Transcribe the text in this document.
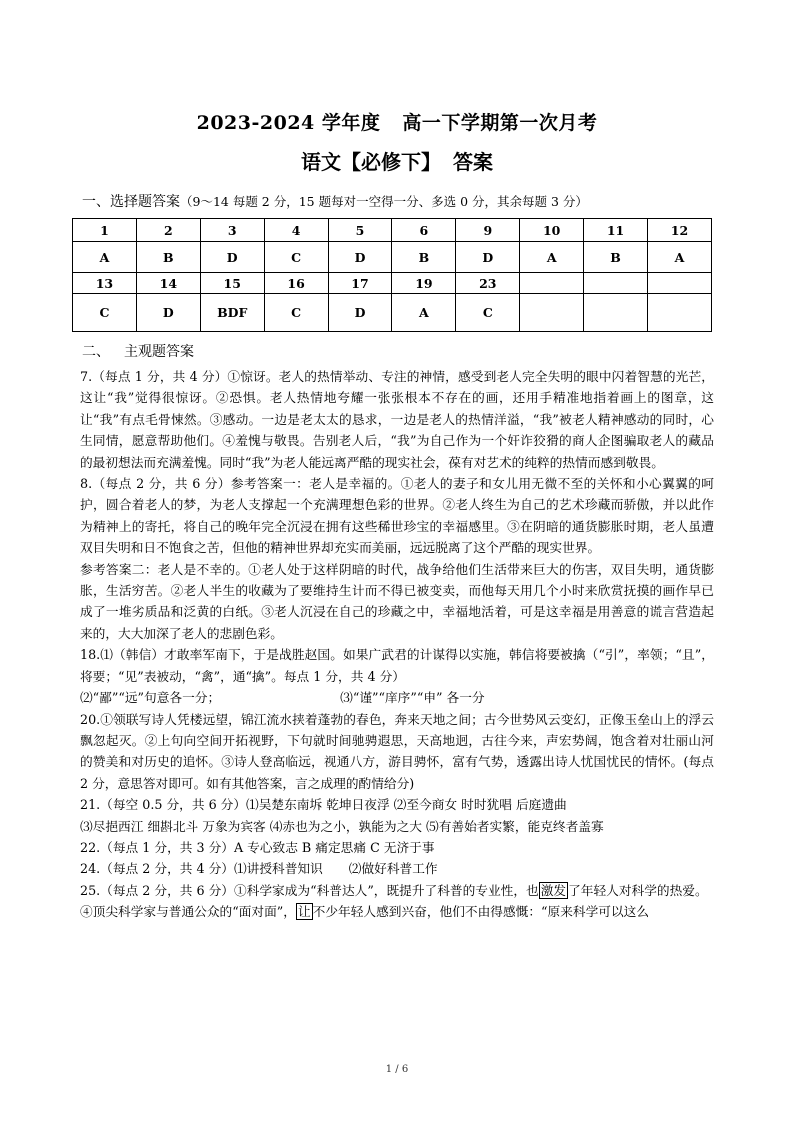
2023-2024 学年度 高一下学期第一次月考
语文【必修下】 答案
一、选择题答案（9～14 每题 2 分，15 题每对一空得一分、多选 0 分，其余每题 3 分）
1	2	3	4	5	6	9	10	11	12
A	B	D	C	D	B	D	A	B	A
13	14	15	16	17	19	23			
C	D	BDF	C	D	A	C			
二、 主观题答案

7.（每点 1 分，共 4 分）①惊讶。老人的热情举动、专注的神情，感受到老人完全失明的眼中闪着智慧的光芒，这让“我”觉得很惊讶。②恐惧。老人热情地夸耀一张张根本不存在的画，还用手精准地指着画上的图章，这让“我”有点毛骨悚然。③感动。一边是老太太的恳求，一边是老人的热情洋溢，“我”被老人精神感动的同时，心生同情，愿意帮助他们。④羞愧与敬畏。告别老人后，“我”为自己作为一个奸诈狡猾的商人企图骗取老人的藏品的最初想法而充满羞愧。同时“我”为老人能远离严酷的现实社会，葆有对艺术的纯粹的热情而感到敬畏。

8.（每点 2 分，共 6 分）参考答案一：老人是幸福的。①老人的妻子和女儿用无微不至的关怀和小心翼翼的呵护，圆合着老人的梦，为老人支撑起一个充满理想色彩的世界。②老人终生为自己的艺术珍藏而骄傲，并以此作为精神上的寄托，将自己的晚年完全沉浸在拥有这些稀世珍宝的幸福感里。③在阴暗的通货膨胀时期，老人虽遭双目失明和日不饱食之苦，但他的精神世界却充实而美丽，远远脱离了这个严酷的现实世界。

参考答案二：老人是不幸的。①老人处于这样阴暗的时代，战争给他们生活带来巨大的伤害，双目失明，通货膨胀，生活穷苦。②老人半生的收藏为了要维持生计而不得已被变卖，而他每天用几个小时来欣赏抚摸的画作早已成了一堆劣质品和泛黄的白纸。③老人沉浸在自己的珍藏之中，幸福地活着，可是这幸福是用善意的谎言营造起来的，大大加深了老人的悲剧色彩。

18.⑴（韩信）才敢率军南下，于是战胜赵国。如果广武君的计谋得以实施，韩信将要被擒（“引”，率领；“且”，将要；“见”表被动，“禽”，通“擒”。每点 1 分，共 4 分）

⑵“鄙”“远”句意各一分；	⑶“谨”“庠序”“申” 各一分

20.①领联写诗人凭楼远望，锦江流水挟着蓬勃的春色，奔来天地之间；古今世势风云变幻，正像玉垒山上的浮云飘忽起灭。②上句向空间开拓视野，下句就时间驰骋遐思，天高地迥，古往今来，声宏势阔，饱含着对壮丽山河的赞美和对历史的追怀。③诗人登高临远，视通八方，游目骋怀，富有气势，透露出诗人忧国忧民的情怀。(每点 2 分，意思答对即可。如有其他答案，言之成理的酌情给分)

21.（每空 0.5 分，共 6 分）⑴吴楚东南坼 乾坤日夜浮 ⑵至今商女 时时犹唱 后庭遗曲

⑶尽挹西江 细斟北斗 万象为宾客 ⑷赤也为之小，孰能为之大 ⑸有善始者实繁，能克终者盖寡

22.（每点 1 分，共 3 分）A 专心致志 B 痛定思痛 C 无济于事

24.（每点 2 分，共 4 分）⑴讲授科普知识 ⑵做好科普工作

25.（每点 2 分，共 6 分）①科学家成为“科普达人”，既提升了科普的专业性，也 激发 了年轻人对科学的热爱。

④顶尖科学家与普通公众的“面对面”， 让 不少年轻人感到兴奋，他们不由得感慨：“原来科学可以这么

1 / 6
